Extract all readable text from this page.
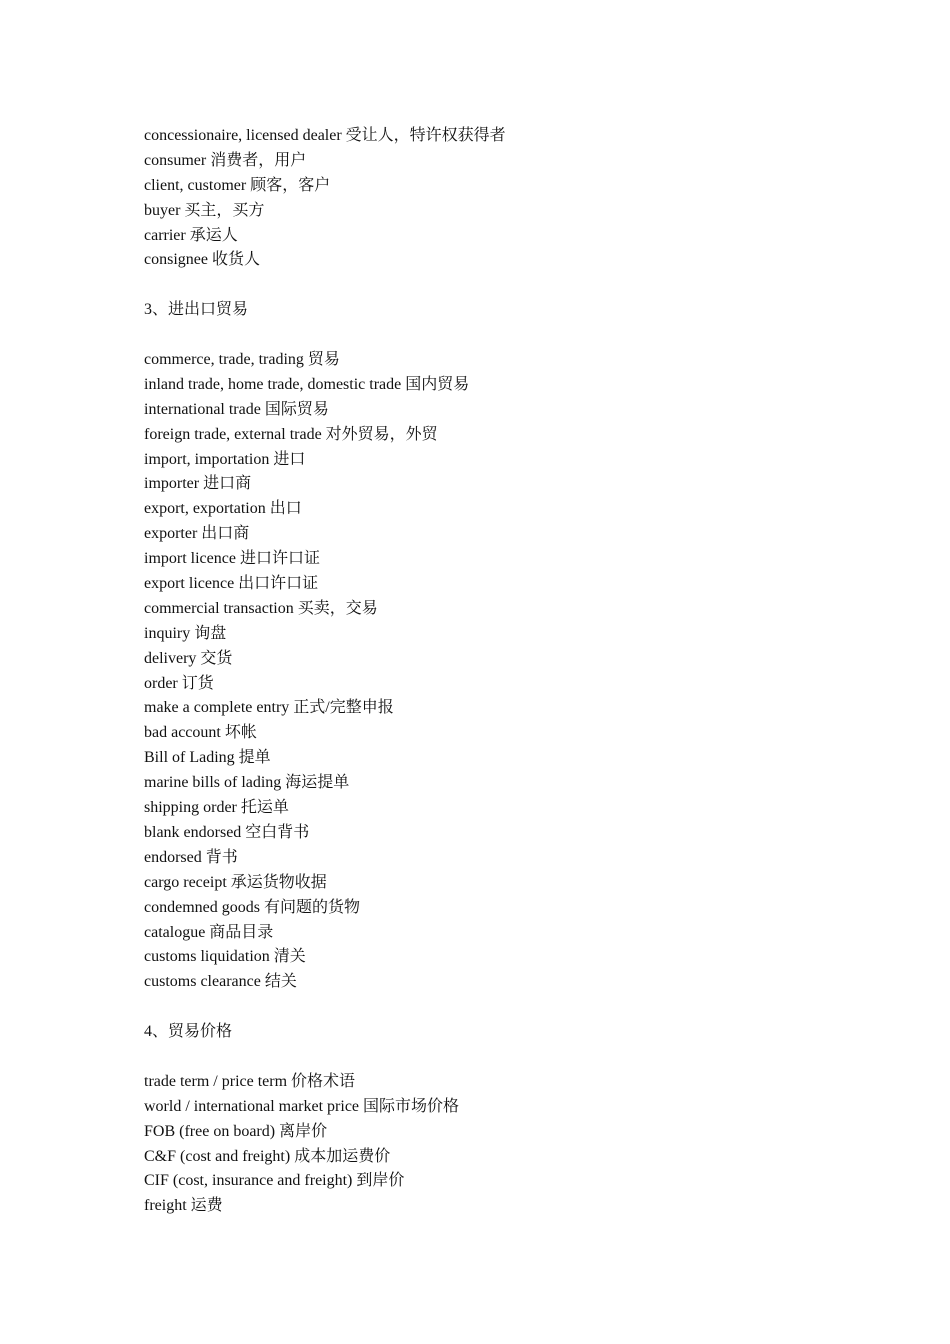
concessionaire, licensed dealer 受让人，特许权获得者
consumer 消费者，用户
client, customer 顾客，客户
buyer 买主，买方
carrier 承运人
consignee 收货人
3、进出口贸易
commerce, trade, trading 贸易
inland trade, home trade, domestic trade 国内贸易
international trade 国际贸易
foreign trade, external trade 对外贸易，外贸
import, importation 进口
importer 进口商
export, exportation 出口
exporter 出口商
import licence 进口许口证
export licence 出口许口证
commercial transaction 买卖，交易
inquiry 询盘
delivery 交货
order 订货
make a complete entry 正式/完整申报
bad account 坏帐
Bill of Lading 提单
marine bills of lading 海运提单
shipping order 托运单
blank endorsed 空白背书
endorsed 背书
cargo receipt 承运货物收据
condemned goods 有问题的货物
catalogue 商品目录
customs liquidation 清关
customs clearance 结关
4、贸易价格
trade term / price term 价格术语
world / international market price 国际市场价格
FOB (free on board) 离岸价
C&F (cost and freight) 成本加运费价
CIF (cost, insurance and freight) 到岸价
freight 运费
